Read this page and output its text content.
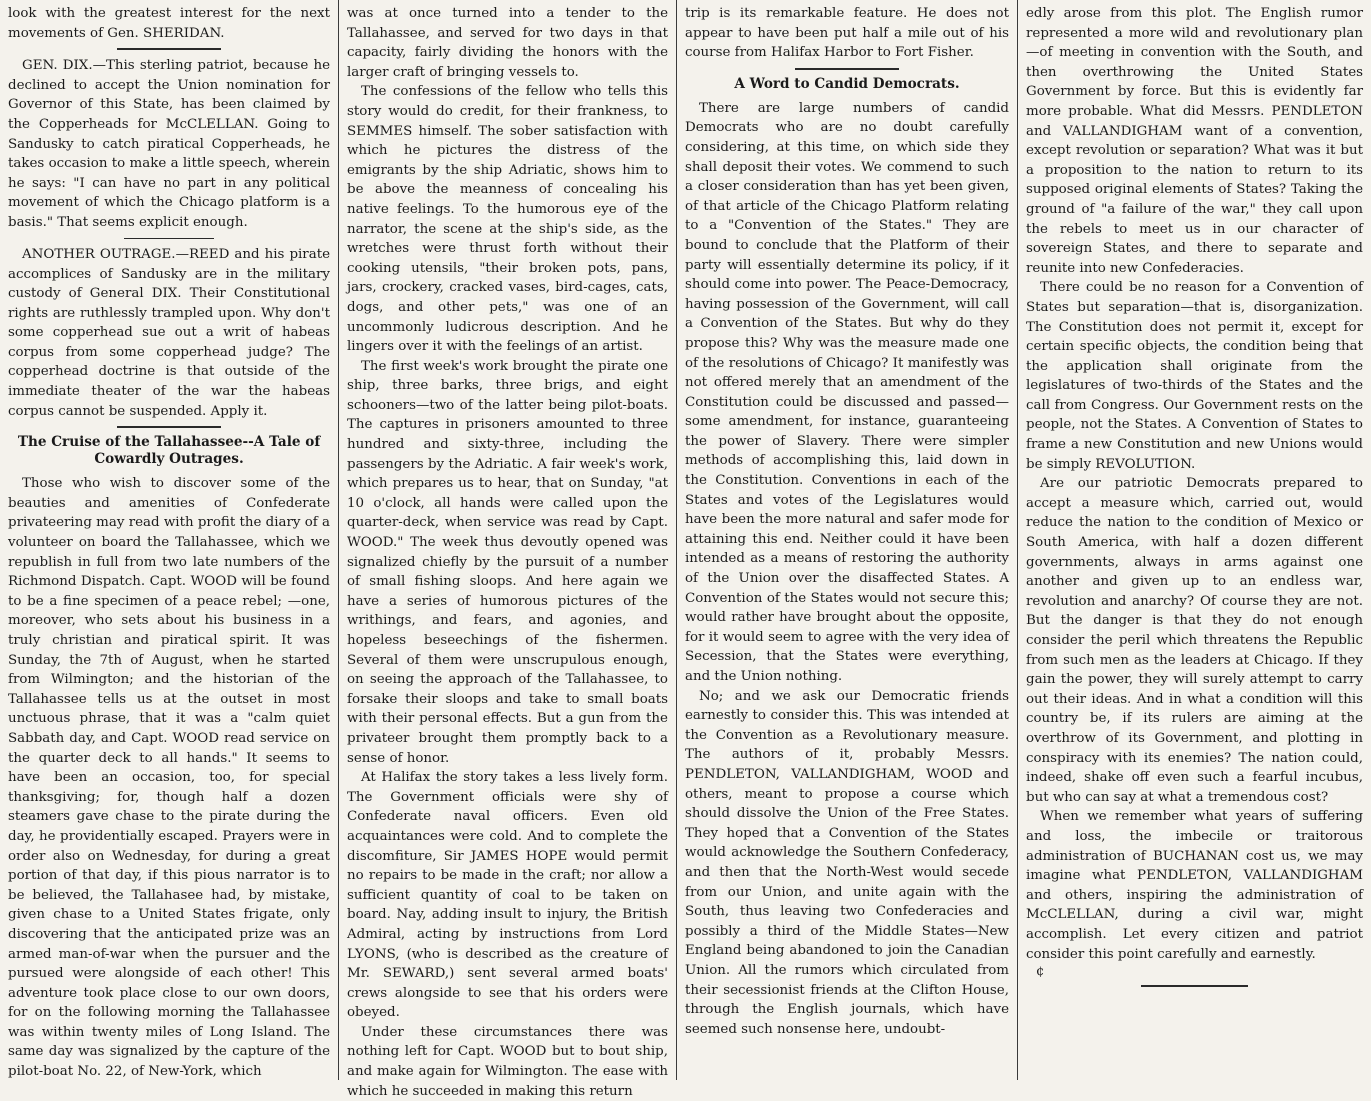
look with the greatest interest for the next movements of Gen. SHERIDAN.

GEN. DIX.—This sterling patriot, because he declined to accept the Union nomination for Governor of this State, has been claimed by the Copperheads for McCLELLAN. Going to Sandusky to catch piratical Copperheads, he takes occasion to make a little speech, wherein he says: "I can have no part in any political movement of which the Chicago platform is a basis." That seems explicit enough.

ANOTHER OUTRAGE.—REED and his pirate accomplices of Sandusky are in the military custody of General DIX. Their Constitutional rights are ruthlessly trampled upon. Why don't some copperhead sue out a writ of habeas corpus from some copperhead judge? The copperhead doctrine is that outside of the immediate theater of the war the habeas corpus cannot be suspended. Apply it.

The Cruise of the Tallahassee--A Tale of Cowardly Outrages.

Those who wish to discover some of the beauties and amenities of Confederate privateering may read with profit the diary of a volunteer on board the Tallahassee, which we republish in full from two late numbers of the Richmond Dispatch. Capt. WOOD will be found to be a fine specimen of a peace rebel; —one, moreover, who sets about his business in a truly christian and piratical spirit. It was Sunday, the 7th of August, when he started from Wilmington; and the historian of the Tallahassee tells us at the outset in most unctuous phrase, that it was a "calm quiet Sabbath day, and Capt. WOOD read service on the quarter deck to all hands." It seems to have been an occasion, too, for special thanksgiving; for, though half a dozen steamers gave chase to the pirate during the day, he providentially escaped. Prayers were in order also on Wednesday, for during a great portion of that day, if this pious narrator is to be believed, the Tallahasee had, by mistake, given chase to a United States frigate, only discovering that the anticipated prize was an armed man-of-war when the pursuer and the pursued were alongside of each other! This adventure took place close to our own doors, for on the following morning the Tallahassee was within twenty miles of Long Island. The same day was signalized by the capture of the pilot-boat No. 22, of New-York, which

was at once turned into a tender to the Tallahassee, and served for two days in that capacity, fairly dividing the honors with the larger craft of bringing vessels to.

The confessions of the fellow who tells this story would do credit, for their frankness, to SEMMES himself. The sober satisfaction with which he pictures the distress of the emigrants by the ship Adriatic, shows him to be above the meanness of concealing his native feelings. To the humorous eye of the narrator, the scene at the ship's side, as the wretches were thrust forth without their cooking utensils, "their broken pots, pans, jars, crockery, cracked vases, bird-cages, cats, dogs, and other pets," was one of an uncommonly ludicrous description. And he lingers over it with the feelings of an artist.

The first week's work brought the pirate one ship, three barks, three brigs, and eight schooners—two of the latter being pilot-boats. The captures in prisoners amounted to three hundred and sixty-three, including the passengers by the Adriatic. A fair week's work, which prepares us to hear, that on Sunday, "at 10 o'clock, all hands were called upon the quarter-deck, when service was read by Capt. WOOD." The week thus devoutly opened was signalized chiefly by the pursuit of a number of small fishing sloops. And here again we have a series of humorous pictures of the writhings, and fears, and agonies, and hopeless beseechings of the fishermen. Several of them were unscrupulous enough, on seeing the approach of the Tallahassee, to forsake their sloops and take to small boats with their personal effects. But a gun from the privateer brought them promptly back to a sense of honor.

At Halifax the story takes a less lively form. The Government officials were shy of Confederate naval officers. Even old acquaintances were cold. And to complete the discomfiture, Sir JAMES HOPE would permit no repairs to be made in the craft; nor allow a sufficient quantity of coal to be taken on board. Nay, adding insult to injury, the British Admiral, acting by instructions from Lord LYONS, (who is described as the creature of Mr. SEWARD,) sent several armed boats' crews alongside to see that his orders were obeyed.

Under these circumstances there was nothing left for Capt. WOOD but to bout ship, and make again for Wilmington. The ease with which he succeeded in making this return

trip is its remarkable feature. He does not appear to have been put half a mile out of his course from Halifax Harbor to Fort Fisher.

A Word to Candid Democrats.

There are large numbers of candid Democrats who are no doubt carefully considering, at this time, on which side they shall deposit their votes. We commend to such a closer consideration than has yet been given, of that article of the Chicago Platform relating to a "Convention of the States." They are bound to conclude that the Platform of their party will essentially determine its policy, if it should come into power. The Peace-Democracy, having possession of the Government, will call a Convention of the States. But why do they propose this? Why was the measure made one of the resolutions of Chicago? It manifestly was not offered merely that an amendment of the Constitution could be discussed and passed—some amendment, for instance, guaranteeing the power of Slavery. There were simpler methods of accomplishing this, laid down in the Constitution. Conventions in each of the States and votes of the Legislatures would have been the more natural and safer mode for attaining this end. Neither could it have been intended as a means of restoring the authority of the Union over the disaffected States. A Convention of the States would not secure this; would rather have brought about the opposite, for it would seem to agree with the very idea of Secession, that the States were everything, and the Union nothing.

No; and we ask our Democratic friends earnestly to consider this. This was intended at the Convention as a Revolutionary measure. The authors of it, probably Messrs. PENDLETON, VALLANDIGHAM, WOOD and others, meant to propose a course which should dissolve the Union of the Free States. They hoped that a Convention of the States would acknowledge the Southern Confederacy, and then that the North-West would secede from our Union, and unite again with the South, thus leaving two Confederacies and possibly a third of the Middle States—New England being abandoned to join the Canadian Union. All the rumors which circulated from their secessionist friends at the Clifton House, through the English journals, which have seemed such nonsense here, undoubt-

edly arose from this plot. The English rumor represented a more wild and revolutionary plan—of meeting in convention with the South, and then overthrowing the United States Government by force. But this is evidently far more probable. What did Messrs. PENDLETON and VALLANDIGHAM want of a convention, except revolution or separation? What was it but a proposition to the nation to return to its supposed original elements of States? Taking the ground of "a failure of the war," they call upon the rebels to meet us in our character of sovereign States, and there to separate and reunite into new Confederacies.

There could be no reason for a Convention of States but separation—that is, disorganization. The Constitution does not permit it, except for certain specific objects, the condition being that the application shall originate from the legislatures of two-thirds of the States and the call from Congress. Our Government rests on the people, not the States. A Convention of States to frame a new Constitution and new Unions would be simply REVOLUTION.

Are our patriotic Democrats prepared to accept a measure which, carried out, would reduce the nation to the condition of Mexico or South America, with half a dozen different governments, always in arms against one another and given up to an endless war, revolution and anarchy? Of course they are not. But the danger is that they do not enough consider the peril which threatens the Republic from such men as the leaders at Chicago. If they gain the power, they will surely attempt to carry out their ideas. And in what a condition will this country be, if its rulers are aiming at the overthrow of its Government, and plotting in conspiracy with its enemies? The nation could, indeed, shake off even such a fearful incubus, but who can say at what a tremendous cost?

When we remember what years of suffering and loss, the imbecile or traitorous administration of BUCHANAN cost us, we may imagine what PENDLETON, VALLANDIGHAM and others, inspiring the administration of McCLELLAN, during a civil war, might accomplish. Let every citizen and patriot consider this point carefully and earnestly.

¢
